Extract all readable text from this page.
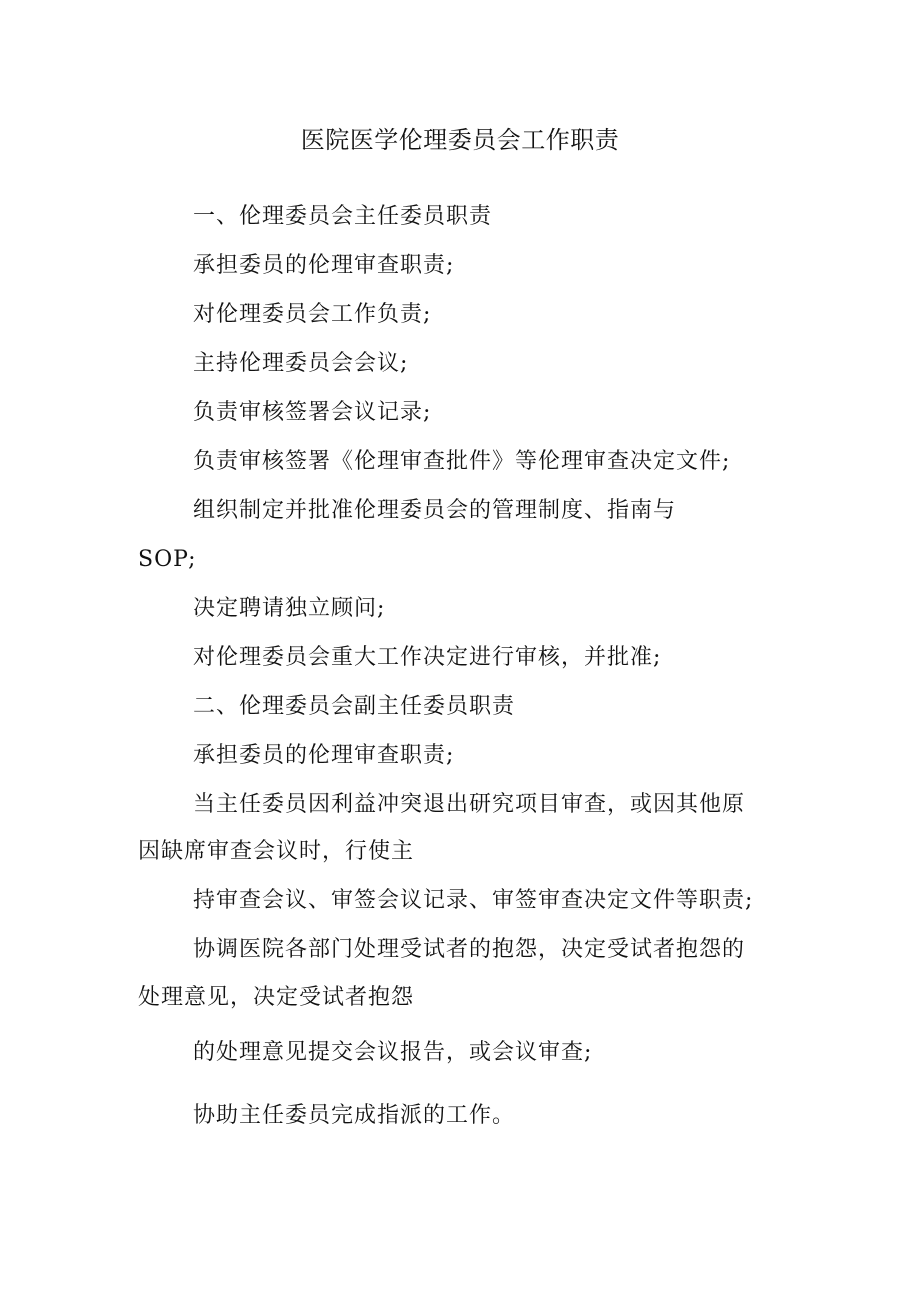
医院医学伦理委员会工作职责

一、伦理委员会主任委员职责

承担委员的伦理审查职责;

对伦理委员会工作负责;

主持伦理委员会会议;

负责审核签署会议记录;

负责审核签署《伦理审查批件》等伦理审查决定文件;

组织制定并批准伦理委员会的管理制度、指南与

SOP;

决定聘请独立顾问;

对伦理委员会重大工作决定进行审核，并批准;

二、伦理委员会副主任委员职责

承担委员的伦理审查职责;

当主任委员因利益冲突退出研究项目审查，或因其他原

因缺席审查会议时，行使主

持审查会议、审签会议记录、审签审查决定文件等职责;

协调医院各部门处理受试者的抱怨，决定受试者抱怨的

处理意见，决定受试者抱怨

的处理意见提交会议报告，或会议审查;

协助主任委员完成指派的工作。
